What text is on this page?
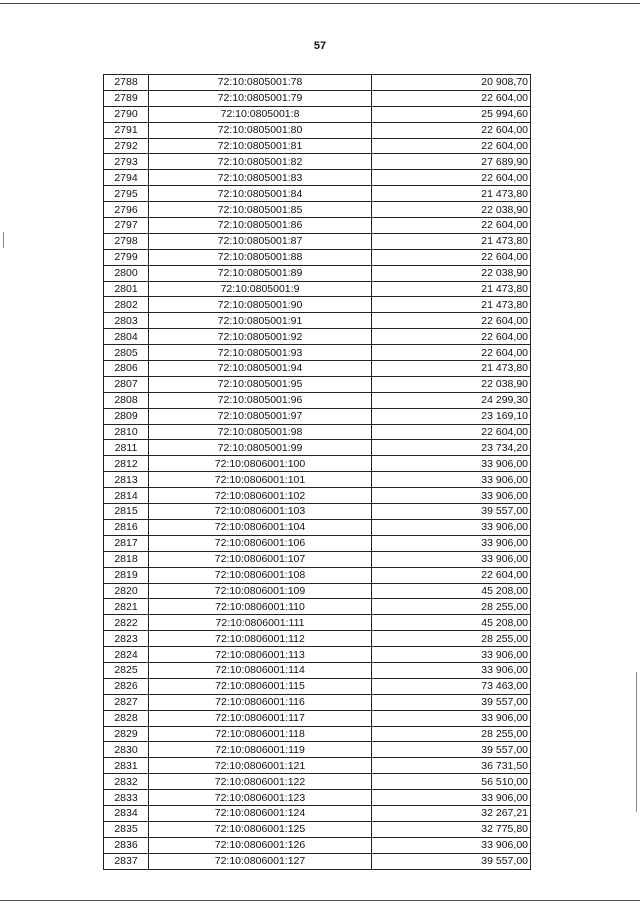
57
2788	72:10:0805001:78	20 908,70
2789	72:10:0805001:79	22 604,00
2790	72:10:0805001:8	25 994,60
2791	72:10:0805001:80	22 604,00
2792	72:10:0805001:81	22 604,00
2793	72:10:0805001:82	27 689,90
2794	72:10:0805001:83	22 604,00
2795	72:10:0805001:84	21 473,80
2796	72:10:0805001:85	22 038,90
2797	72:10:0805001:86	22 604,00
2798	72:10:0805001:87	21 473,80
2799	72:10:0805001:88	22 604,00
2800	72:10:0805001:89	22 038,90
2801	72:10:0805001:9	21 473,80
2802	72:10:0805001:90	21 473,80
2803	72:10:0805001:91	22 604,00
2804	72:10:0805001:92	22 604,00
2805	72:10:0805001:93	22 604,00
2806	72:10:0805001:94	21 473,80
2807	72:10:0805001:95	22 038,90
2808	72:10:0805001:96	24 299,30
2809	72:10:0805001:97	23 169,10
2810	72:10:0805001:98	22 604,00
2811	72:10:0805001:99	23 734,20
2812	72:10:0806001:100	33 906,00
2813	72:10:0806001:101	33 906,00
2814	72:10:0806001:102	33 906,00
2815	72:10:0806001:103	39 557,00
2816	72:10:0806001:104	33 906,00
2817	72:10:0806001:106	33 906,00
2818	72:10:0806001:107	33 906,00
2819	72:10:0806001:108	22 604,00
2820	72:10:0806001:109	45 208,00
2821	72:10:0806001:110	28 255,00
2822	72:10:0806001:111	45 208,00
2823	72:10:0806001:112	28 255,00
2824	72:10:0806001:113	33 906,00
2825	72:10:0806001:114	33 906,00
2826	72:10:0806001:115	73 463,00
2827	72:10:0806001:116	39 557,00
2828	72:10:0806001:117	33 906,00
2829	72:10:0806001:118	28 255,00
2830	72:10:0806001:119	39 557,00
2831	72:10:0806001:121	36 731,50
2832	72:10:0806001:122	56 510,00
2833	72:10:0806001:123	33 906,00
2834	72:10:0806001:124	32 267,21
2835	72:10:0806001:125	32 775,80
2836	72:10:0806001:126	33 906,00
2837	72:10:0806001:127	39 557,00
